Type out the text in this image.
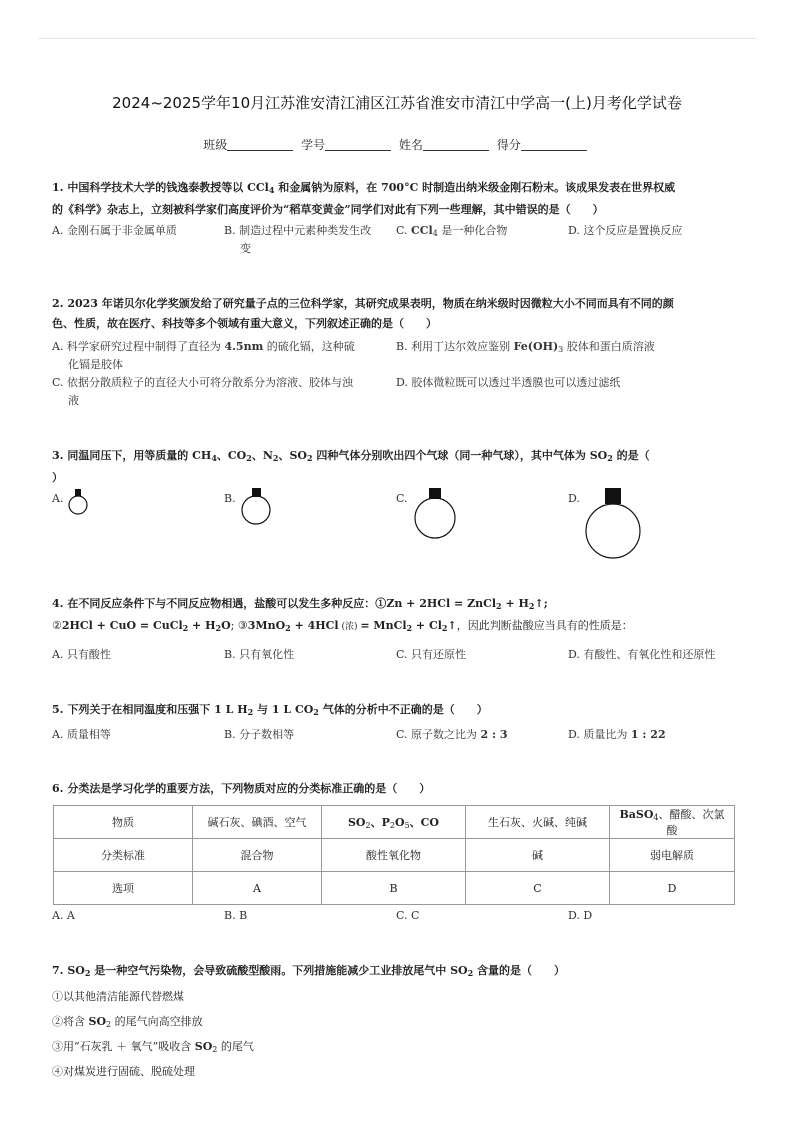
2024~2025学年10月江苏淮安清江浦区江苏省淮安市清江中学高一(上)月考化学试卷
班级	学号	姓名	得分
1. 中国科学技术大学的钱逸泰教授等以 CCl$_4$ 和金属钠为原料，在 700°C 时制造出纳米级金刚石粉末。该成果发表在世界权威
的《科学》杂志上，立刻被科学家们高度评价为“稻草变黄金”同学们对此有下列一些理解，其中错误的是（　　）
A. 金刚石属于非金属单质	B. 制造过程中元素种类发生改
变
C. CCl$_4$ 是一种化合物	D. 这个反应是置换反应
2. 2023 年诺贝尔化学奖颁发给了研究量子点的三位科学家，其研究成果表明，物质在纳米级时因微粒大小不同而具有不同的颜
色、性质，故在医疗、科技等多个领域有重大意义，下列叙述正确的是（　　）
A. 科学家研究过程中制得了直径为 4.5nm 的硫化镉，这种硫
化镉是胶体
B. 利用丁达尔效应鉴别 $Fe(OH)_3$ 胶体和蛋白质溶液
C. 依据分散质粒子的直径大小可将分散系分为溶液、胶体与浊
液
D. 胶体微粒既可以透过半透膜也可以透过滤纸
3. 同温同压下，用等质量的 $CH_4$、$CO_2$、$N_2$、$SO_2$ 四种气体分别吹出四个气球（同一种气球），其中气体为 $SO_2$ 的是（
）
A.	B.	C.	D.
4. 在不同反应条件下与不同反应物相遇，盐酸可以发生多种反应：①Zn + 2HCl = ZnCl$_2$ + $H_2↑$;
②2HCl + CuO = CuCl$_2$ + $H_2O$; ③3MnO$_2$ + 4HCl (浓) = MnCl$_2$ + $Cl_2↑$，因此判断盐酸应当具有的性质是：
A. 只有酸性	B. 只有氧化性	C. 只有还原性	D. 有酸性、有氧化性和还原性
5. 下列关于在相同温度和压强下 1 L $H_2$ 与 1 L $CO_2$ 气体的分析中不正确的是（　　）
A. 质量相等	B. 分子数相等	C. 原子数之比为 2 : 3	D. 质量比为 1 : 22
6. 分类法是学习化学的重要方法，下列物质对应的分类标准正确的是（　　）
物质	碱石灰、碘酒、空气	$SO_2$、$P_2O_5$、CO	生石灰、火碱、纯碱	BaSO$_4$、醋酸、次氯酸
分类标准	混合物	酸性氧化物	碱	弱电解质
选项	A	B	C	D
A. A	B. B	C. C	D. D
7. $SO_2$ 是一种空气污染物，会导致硫酸型酸雨。下列措施能减少工业排放尾气中 $SO_2$ 含量的是（　　）
①以其他清洁能源代替燃煤
②将含 $SO_2$ 的尾气向高空排放
③用“石灰乳 ＋ 氧气”吸收含 $SO_2$ 的尾气
④对煤炭进行固硫、脱硫处理
